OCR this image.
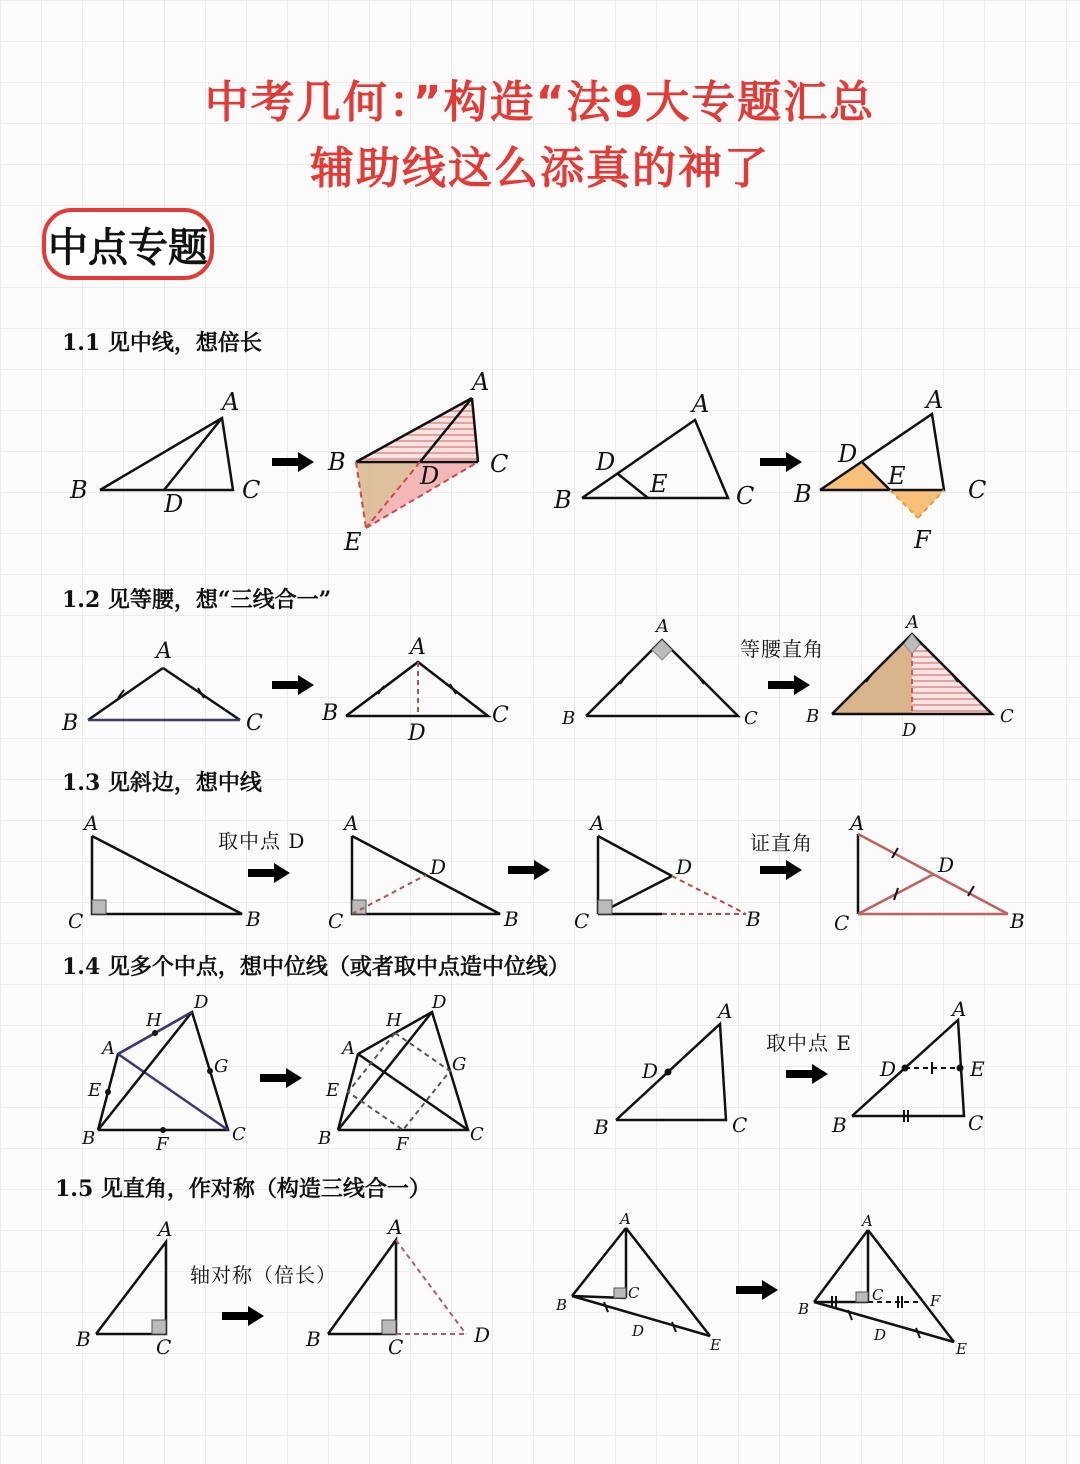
中考几何：”构造“法9大专题汇总
辅助线这么添真的神了
中点专题
1.1 见中线，想倍长
1.2 见等腰，想“三线合一”
1.3 见斜边，想中线
1.4 见多个中点，想中位线（或者取中点造中位线）
1.5 见直角，作对称（构造三线合一）
A
B	C
D
A
B	C
D
E
A
B	C
D
E
A
B	C
D
E
F
A
B	C
A
B	C
D
A
B	C
等腰直角
A
B	C
D
A
C	B
取中点 D
A
C	B
D
A
C	B
D
证直角
A
C	B
D
A
B	C
D
E
F
G
H
A
B	C
D
E
F
G
H	A
B	C
D
取中点 E
A
B	C
D	E
A
B	C
轴对称（倍长）
A
B	C	D
A
B
C
D
E
A
B
C
D
E
F
